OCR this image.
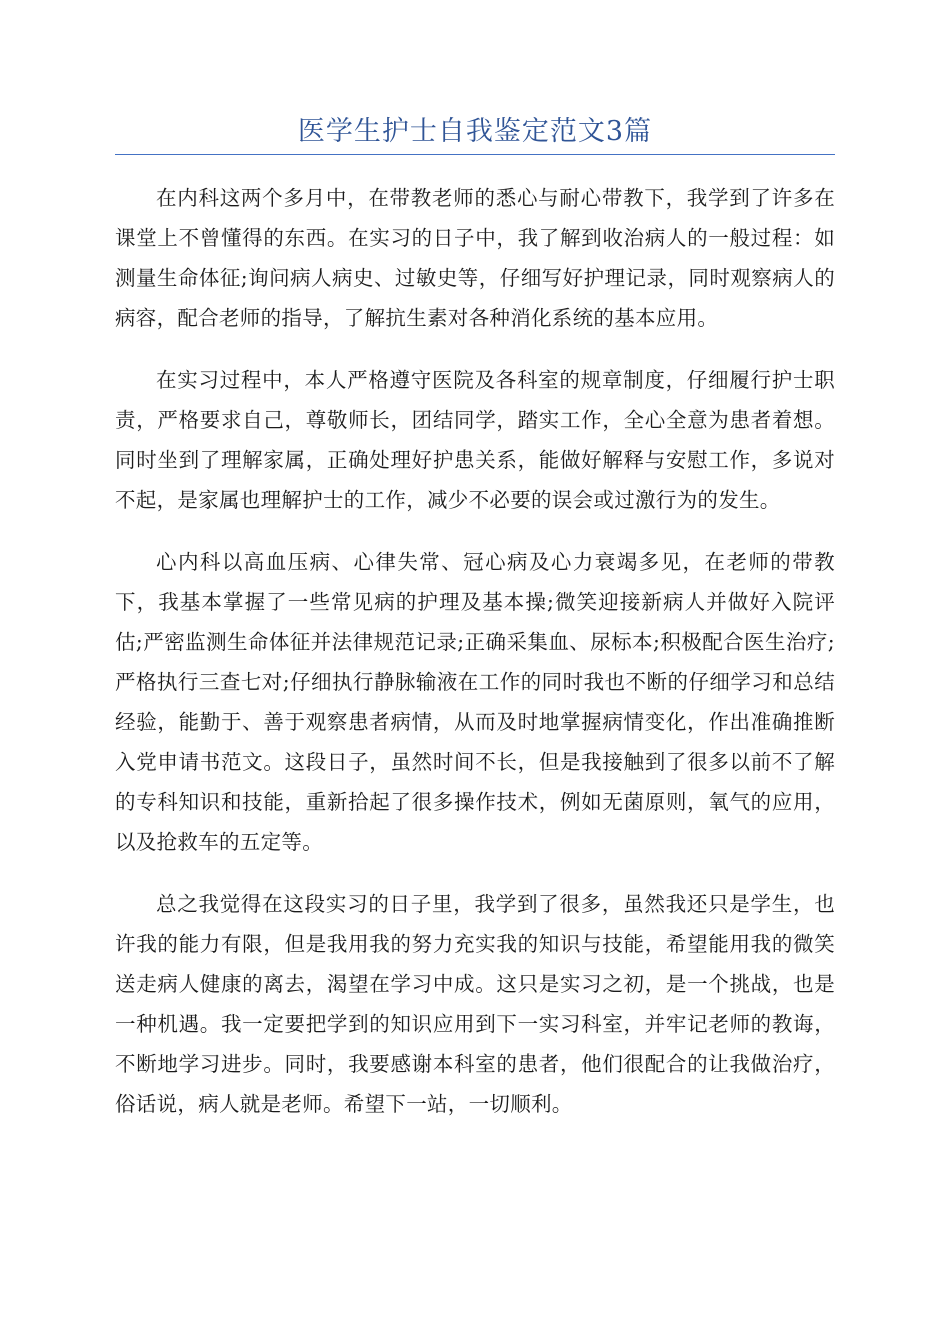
医学生护士自我鉴定范文3篇

在内科这两个多月中，在带教老师的悉心与耐心带教下，我学到了许多在课堂上不曾懂得的东西。在实习的日子中，我了解到收治病人的一般过程：如测量生命体征;询问病人病史、过敏史等，仔细写好护理记录，同时观察病人的病容，配合老师的指导，了解抗生素对各种消化系统的基本应用。

在实习过程中，本人严格遵守医院及各科室的规章制度，仔细履行护士职责，严格要求自己，尊敬师长，团结同学，踏实工作，全心全意为患者着想。同时坐到了理解家属，正确处理好护患关系，能做好解释与安慰工作，多说对不起，是家属也理解护士的工作，减少不必要的误会或过激行为的发生。

心内科以高血压病、心律失常、冠心病及心力衰竭多见，在老师的带教下，我基本掌握了一些常见病的护理及基本操;微笑迎接新病人并做好入院评估;严密监测生命体征并法律规范记录;正确采集血、尿标本;积极配合医生治疗;严格执行三查七对;仔细执行静脉输液在工作的同时我也不断的仔细学习和总结经验，能勤于、善于观察患者病情，从而及时地掌握病情变化，作出准确推断入党申请书范文。这段日子，虽然时间不长，但是我接触到了很多以前不了解的专科知识和技能，重新拾起了很多操作技术，例如无菌原则，氧气的应用，以及抢救车的五定等。

总之我觉得在这段实习的日子里，我学到了很多，虽然我还只是学生，也许我的能力有限，但是我用我的努力充实我的知识与技能，希望能用我的微笑送走病人健康的离去，渴望在学习中成。这只是实习之初，是一个挑战，也是一种机遇。我一定要把学到的知识应用到下一实习科室，并牢记老师的教诲，不断地学习进步。同时，我要感谢本科室的患者，他们很配合的让我做治疗，俗话说，病人就是老师。希望下一站，一切顺利。
